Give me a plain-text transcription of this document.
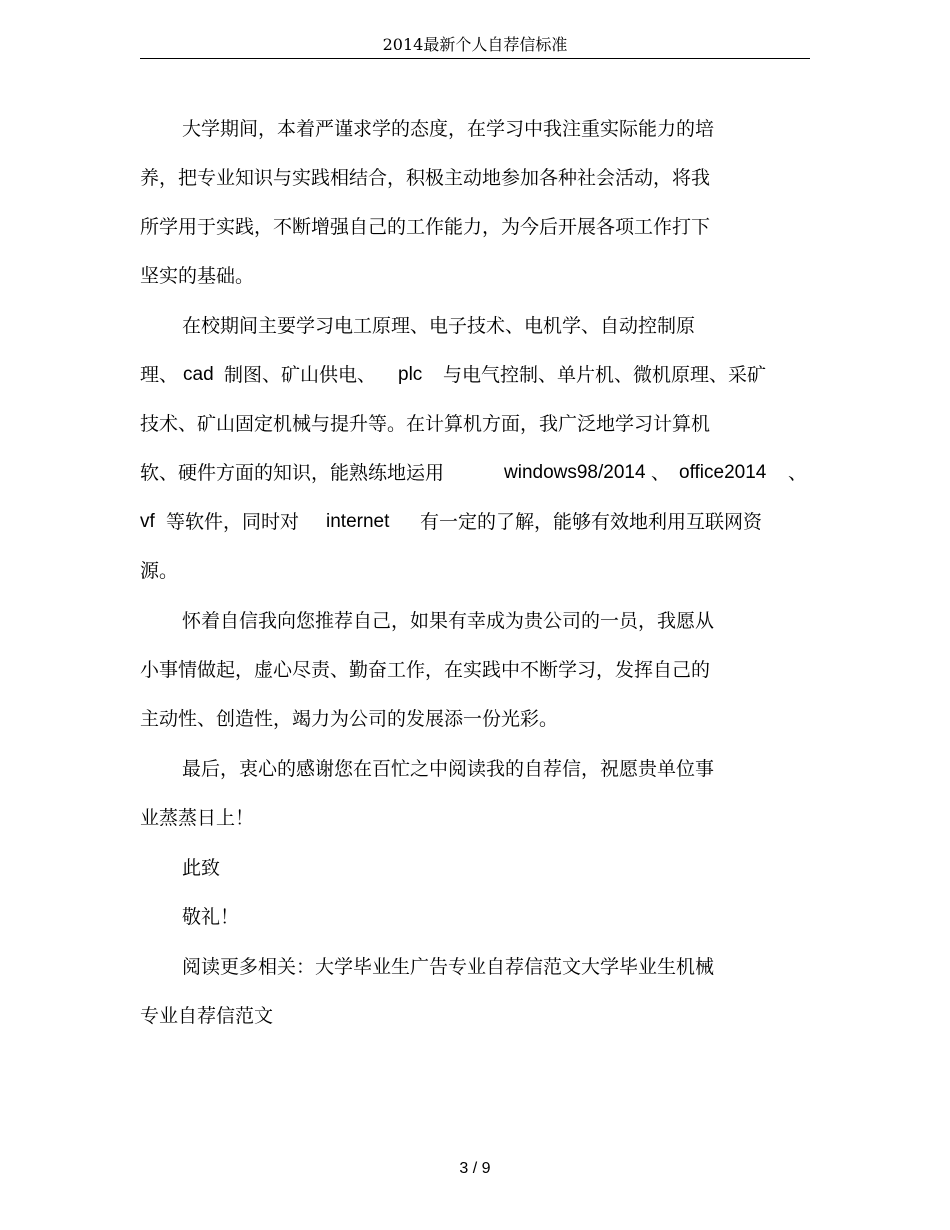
2014最新个人自荐信标准
大学期间，本着严谨求学的态度，在学习中我注重实际能力的培
养，把专业知识与实践相结合，积极主动地参加各种社会活动，将我
所学用于实践，不断增强自己的工作能力，为今后开展各项工作打下
坚实的基础。
在校期间主要学习电工原理、电子技术、电机学、自动控制原
理、 cad 制图、矿山供电、 plc 与电气控制、单片机、微机原理、采矿
技术、矿山固定机械与提升等。在计算机方面，我广泛地学习计算机
软、硬件方面的知识，能熟练地运用	windows98/2014 、 office2014 、
vf 等软件，同时对 internet 有一定的了解，能够有效地利用互联网资
源。
怀着自信我向您推荐自己，如果有幸成为贵公司的一员，我愿从
小事情做起，虚心尽责、勤奋工作，在实践中不断学习，发挥自己的
主动性、创造性，竭力为公司的发展添一份光彩。
最后，衷心的感谢您在百忙之中阅读我的自荐信，祝愿贵单位事
业蒸蒸日上！
此致
敬礼！
阅读更多相关：大学毕业生广告专业自荐信范文大学毕业生机械
专业自荐信范文
3 / 9
